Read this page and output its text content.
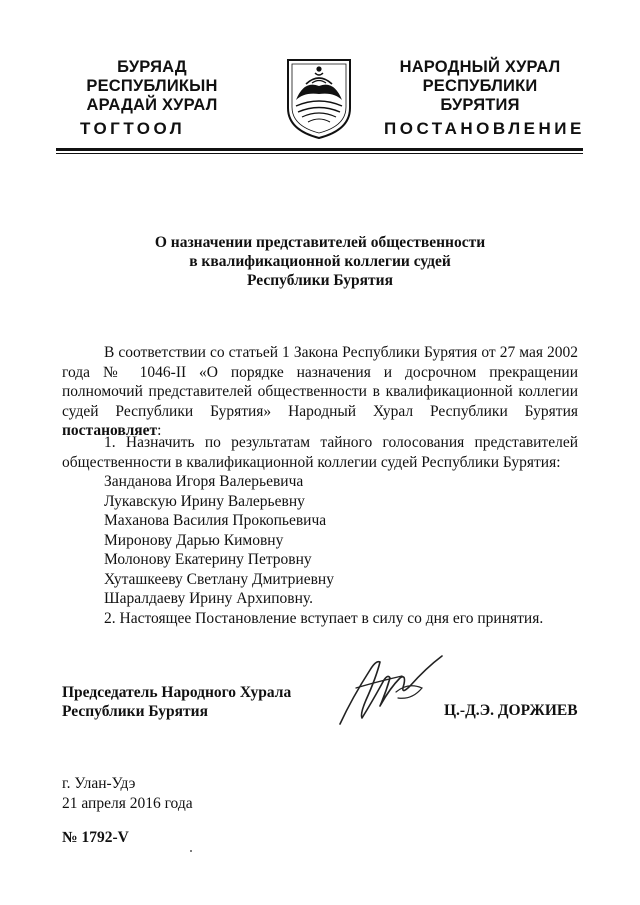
БУРЯАД РЕСПУБЛИКЫН
АРАДАЙ ХУРАЛ
ТОГТООЛ
НАРОДНЫЙ ХУРАЛ
РЕСПУБЛИКИ БУРЯТИЯ
ПОСТАНОВЛЕНИЕ
О назначении представителей общественности
в квалификационной коллегии судей
Республики Бурятия
В соответствии со статьей 1 Закона Республики Бурятия от 27 мая 2002 года № 1046-II «О порядке назначения и досрочном прекращении полномочий представителей общественности в квалификационной коллегии судей Республики Бурятия» Народный Хурал Республики Бурятия постановляет:
1. Назначить по результатам тайного голосования представителей общественности в квалификационной коллегии судей Республики Бурятия:
Занданова Игоря Валерьевича
Лукавскую Ирину Валерьевну
Маханова Василия Прокопьевича
Миронову Дарью Кимовну
Молонову Екатерину Петровну
Хуташкееву Светлану Дмитриевну
Шаралдаеву Ирину Архиповну.
2. Настоящее Постановление вступает в силу со дня его принятия.
Председатель Народного Хурала
Республики Бурятия	Ц.-Д.Э. ДОРЖИЕВ
г. Улан-Удэ
21 апреля 2016 года
№ 1792-V
